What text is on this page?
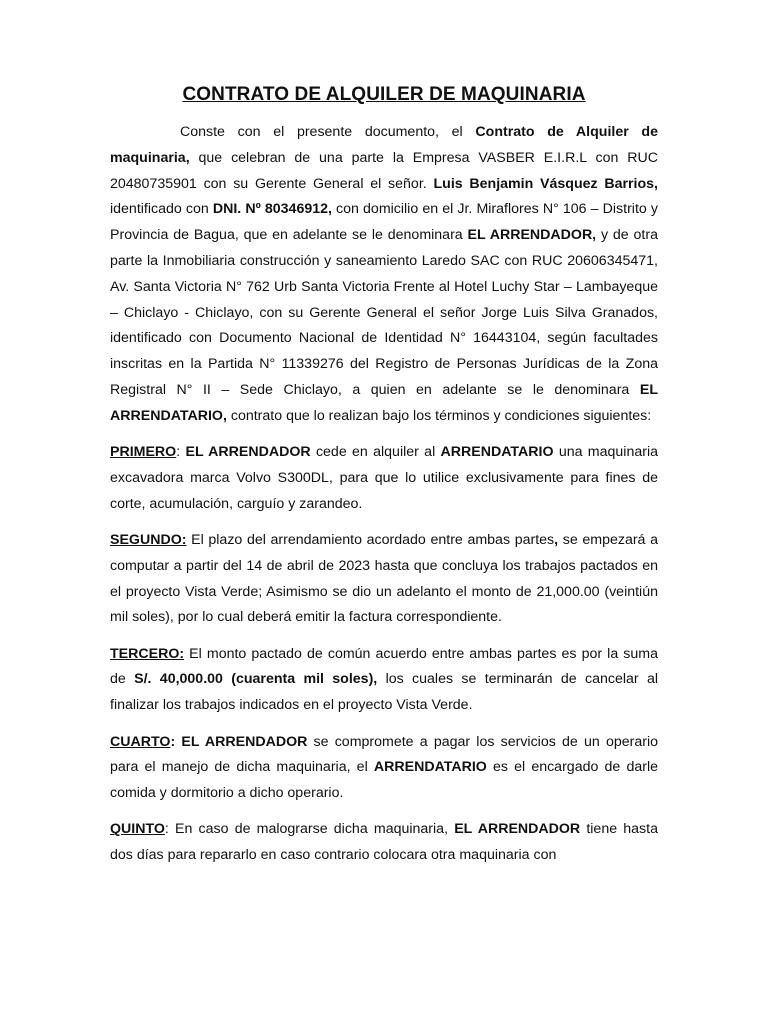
CONTRATO DE ALQUILER DE MAQUINARIA

Conste con el presente documento, el Contrato de Alquiler de maquinaria, que celebran de una parte la Empresa VASBER E.I.R.L con RUC 20480735901 con su Gerente General el señor. Luis Benjamin Vásquez Barrios, identificado con DNI. Nº 80346912, con domicilio en el Jr. Miraflores N° 106 – Distrito y Provincia de Bagua, que en adelante se le denominara EL ARRENDADOR, y de otra parte la Inmobiliaria construcción y saneamiento Laredo SAC con RUC 20606345471, Av. Santa Victoria N° 762 Urb Santa Victoria Frente al Hotel Luchy Star – Lambayeque – Chiclayo - Chiclayo, con su Gerente General el señor Jorge Luis Silva Granados, identificado con Documento Nacional de Identidad N° 16443104, según facultades inscritas en la Partida N° 11339276 del Registro de Personas Jurídicas de la Zona Registral N° II – Sede Chiclayo, a quien en adelante se le denominara EL ARRENDATARIO, contrato que lo realizan bajo los términos y condiciones siguientes:

PRIMERO: EL ARRENDADOR cede en alquiler al ARRENDATARIO una maquinaria excavadora marca Volvo S300DL, para que lo utilice exclusivamente para fines de corte, acumulación, carguío y zarandeo.

SEGUNDO: El plazo del arrendamiento acordado entre ambas partes, se empezará a computar a partir del 14 de abril de 2023 hasta que concluya los trabajos pactados en el proyecto Vista Verde; Asimismo se dio un adelanto el monto de 21,000.00 (veintiún mil soles), por lo cual deberá emitir la factura correspondiente.

TERCERO: El monto pactado de común acuerdo entre ambas partes es por la suma de S/. 40,000.00 (cuarenta mil soles), los cuales se terminarán de cancelar al finalizar los trabajos indicados en el proyecto Vista Verde.

CUARTO: EL ARRENDADOR se compromete a pagar los servicios de un operario para el manejo de dicha maquinaria, el ARRENDATARIO es el encargado de darle comida y dormitorio a dicho operario.

QUINTO: En caso de malograrse dicha maquinaria, EL ARRENDADOR tiene hasta dos días para repararlo en caso contrario colocara otra maquinaria con
